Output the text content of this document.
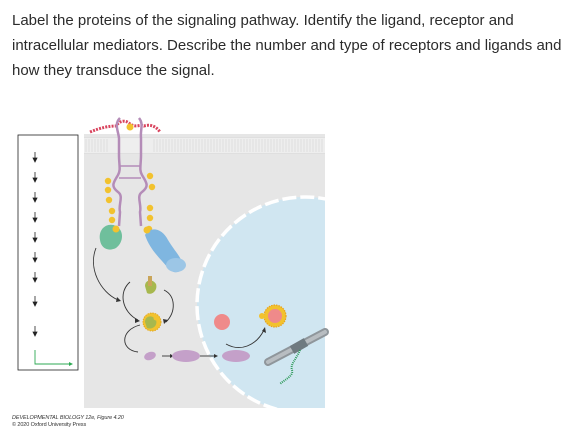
Label the proteins of the signaling pathway. Identify the ligand, receptor and intracellular mediators. Describe the number and type of receptors and ligands and how they transduce the signal.
DEVELOPMENTAL BIOLOGY 12e, Figure 4.20
© 2020 Oxford University Press
